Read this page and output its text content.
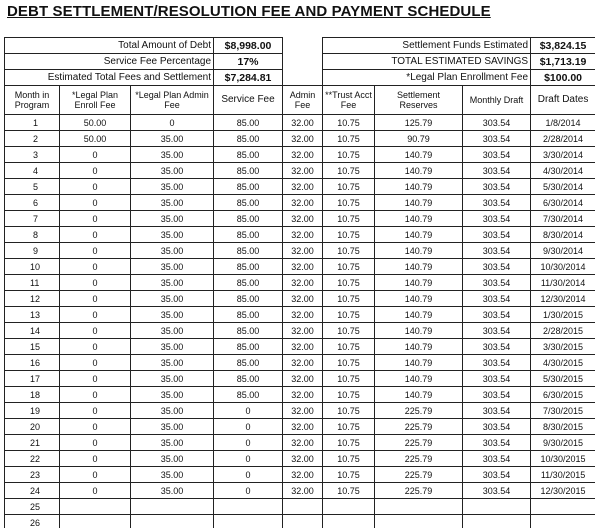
DEBT SETTLEMENT/RESOLUTION FEE AND PAYMENT SCHEDULE
Total Amount of Debt			$8,998.00		Settlement Funds Estimated			$3,824.15
Service Fee Percentage			17%		TOTAL ESTIMATED SAVINGS			$1,713.19
Estimated Total Fees and Settlement			$7,284.81		*Legal Plan Enrollment Fee			$100.00
Month in Program	*Legal Plan Enroll Fee	*Legal Plan Admin Fee	Service Fee	Admin Fee	**Trust Acct Fee	Settlement Reserves	Monthly Draft	Draft Dates
1	50.00	0	85.00	32.00	10.75	125.79	303.54	1/8/2014
2	50.00	35.00	85.00	32.00	10.75	90.79	303.54	2/28/2014
3	0	35.00	85.00	32.00	10.75	140.79	303.54	3/30/2014
4	0	35.00	85.00	32.00	10.75	140.79	303.54	4/30/2014
5	0	35.00	85.00	32.00	10.75	140.79	303.54	5/30/2014
6	0	35.00	85.00	32.00	10.75	140.79	303.54	6/30/2014
7	0	35.00	85.00	32.00	10.75	140.79	303.54	7/30/2014
8	0	35.00	85.00	32.00	10.75	140.79	303.54	8/30/2014
9	0	35.00	85.00	32.00	10.75	140.79	303.54	9/30/2014
10	0	35.00	85.00	32.00	10.75	140.79	303.54	10/30/2014
11	0	35.00	85.00	32.00	10.75	140.79	303.54	11/30/2014
12	0	35.00	85.00	32.00	10.75	140.79	303.54	12/30/2014
13	0	35.00	85.00	32.00	10.75	140.79	303.54	1/30/2015
14	0	35.00	85.00	32.00	10.75	140.79	303.54	2/28/2015
15	0	35.00	85.00	32.00	10.75	140.79	303.54	3/30/2015
16	0	35.00	85.00	32.00	10.75	140.79	303.54	4/30/2015
17	0	35.00	85.00	32.00	10.75	140.79	303.54	5/30/2015
18	0	35.00	85.00	32.00	10.75	140.79	303.54	6/30/2015
19	0	35.00	0	32.00	10.75	225.79	303.54	7/30/2015
20	0	35.00	0	32.00	10.75	225.79	303.54	8/30/2015
21	0	35.00	0	32.00	10.75	225.79	303.54	9/30/2015
22	0	35.00	0	32.00	10.75	225.79	303.54	10/30/2015
23	0	35.00	0	32.00	10.75	225.79	303.54	11/30/2015
24	0	35.00	0	32.00	10.75	225.79	303.54	12/30/2015
25								
26								
